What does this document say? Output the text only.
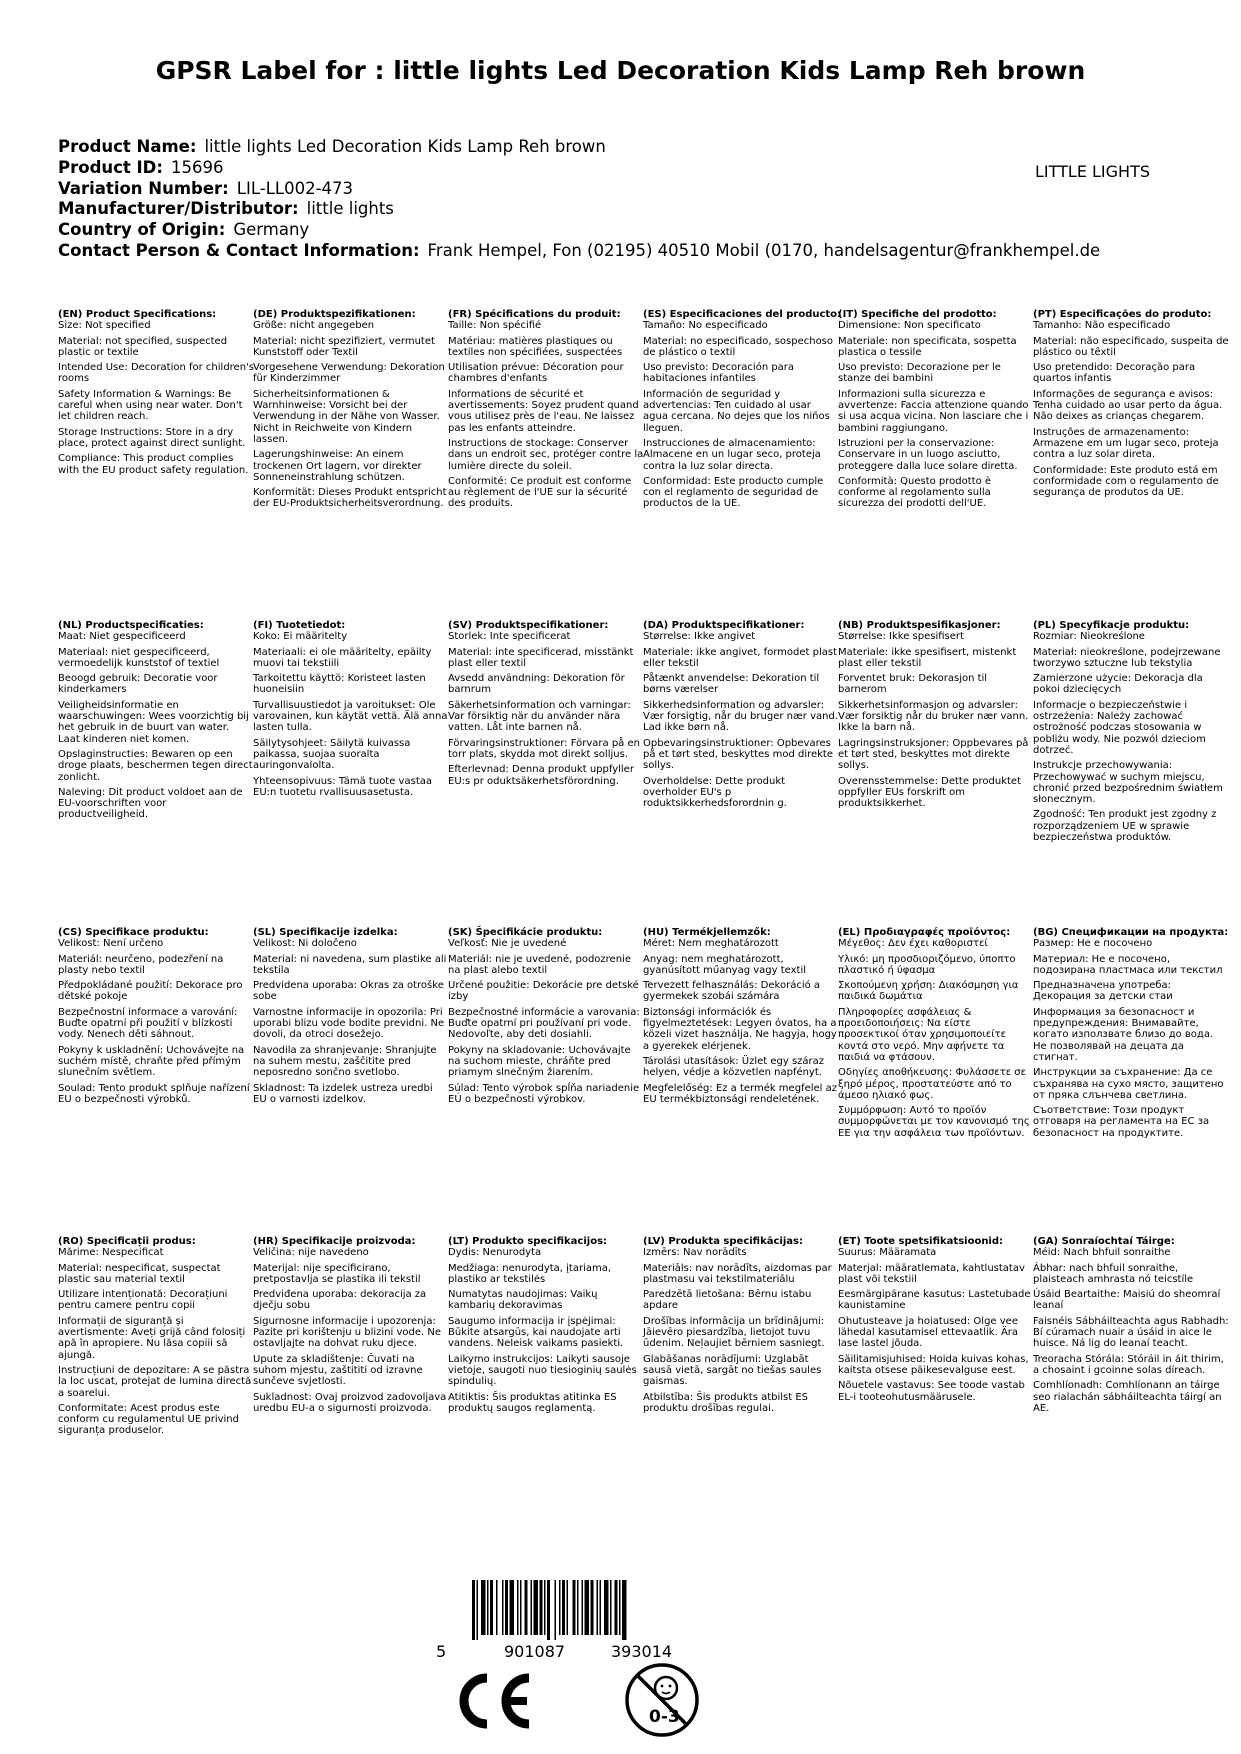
GPSR Label for : little lights Led Decoration Kids Lamp Reh brown
Product Name: little lights Led Decoration Kids Lamp Reh brown
Product ID: 15696
Variation Number: LIL-LL002-473
Manufacturer/Distributor: little lights
Country of Origin: Germany
Contact Person & Contact Information: Frank Hempel, Fon (02195) 40510 Mobil (0170, handelsagentur@frankhempel.de
LITTLE LIGHTS
(EN) Product Specifications:

Size: Not specified

Material: not specified, suspected plastic or textile

Intended Use: Decoration for children's rooms

Safety Information & Warnings: Be careful when using near water. Don't let children reach.

Storage Instructions: Store in a dry place, protect against direct sunlight.

Compliance: This product complies with the EU product safety regulation.

(DE) Produktspezifikationen:

Größe: nicht angegeben

Material: nicht spezifiziert, vermutet Kunststoff oder Textil

Vorgesehene Verwendung: Dekoration für Kinderzimmer

Sicherheitsinformationen & Warnhinweise: Vorsicht bei der Verwendung in der Nähe von Wasser. Nicht in Reichweite von Kindern lassen.

Lagerungshinweise: An einem trockenen Ort lagern, vor direkter Sonneneinstrahlung schützen.

Konformität: Dieses Produkt entspricht der EU-Produktsicherheitsverordnung.

(FR) Spécifications du produit:

Taille: Non spécifié

Matériau: matières plastiques ou textiles non spécifiées, suspectées

Utilisation prévue: Décoration pour chambres d'enfants

Informations de sécurité et avertissements: Soyez prudent quand vous utilisez près de l'eau. Ne laissez pas les enfants atteindre.

Instructions de stockage: Conserver dans un endroit sec, protéger contre la lumière directe du soleil.

Conformité: Ce produit est conforme au règlement de l'UE sur la sécurité des produits.

(ES) Especificaciones del producto:

Tamaño: No especificado

Material: no especificado, sospechoso de plástico o textil

Uso previsto: Decoración para habitaciones infantiles

Información de seguridad y advertencias: Ten cuidado al usar agua cercana. No dejes que los niños lleguen.

Instrucciones de almacenamiento: Almacene en un lugar seco, proteja contra la luz solar directa.

Conformidad: Este producto cumple con el reglamento de seguridad de productos de la UE.

(IT) Specifiche del prodotto:

Dimensione: Non specificato

Materiale: non specificata, sospetta plastica o tessile

Uso previsto: Decorazione per le stanze dei bambini

Informazioni sulla sicurezza e avvertenze: Faccia attenzione quando si usa acqua vicina. Non lasciare che i bambini raggiungano.

Istruzioni per la conservazione: Conservare in un luogo asciutto, proteggere dalla luce solare diretta.

Conformità: Questo prodotto è conforme al regolamento sulla sicurezza dei prodotti dell'UE.

(PT) Especificações do produto:

Tamanho: Não especificado

Material: não especificado, suspeita de plástico ou têxtil

Uso pretendido: Decoração para quartos infantis

Informações de segurança e avisos: Tenha cuidado ao usar perto da água. Não deixes as crianças chegarem.

Instruções de armazenamento: Armazene em um lugar seco, proteja contra a luz solar direta.

Conformidade: Este produto está em conformidade com o regulamento de segurança de produtos da UE.

(NL) Productspecificaties:

Maat: Niet gespecificeerd

Materiaal: niet gespecificeerd, vermoedelijk kunststof of textiel

Beoogd gebruik: Decoratie voor kinderkamers

Veiligheidsinformatie en waarschuwingen: Wees voorzichtig bij het gebruik in de buurt van water. Laat kinderen niet komen.

Opslaginstructies: Bewaren op een droge plaats, beschermen tegen direct zonlicht.

Naleving: Dit product voldoet aan de EU-voorschriften voor productveiligheid.

(FI) Tuotetiedot:

Koko: Ei määritelty

Materiaali: ei ole määritelty, epäilty muovi tai tekstiili

Tarkoitettu käyttö: Koristeet lasten huoneisiin

Turvallisuustiedot ja varoitukset: Ole varovainen, kun käytät vettä. Älä anna lasten tulla.

Säilytysohjeet: Säilytä kuivassa paikassa, suojaa suoralta auringonvalolta.

Yhteensopivuus: Tämä tuote vastaa EU:n tuotetu rvallisuusasetusta.

(SV) Produktspecifikationer:

Storlek: Inte specificerat

Material: inte specificerad, misstänkt plast eller textil

Avsedd användning: Dekoration för barnrum

Säkerhetsinformation och varningar: Var försiktig när du använder nära vatten. Låt inte barnen nå.

Förvaringsinstruktioner: Förvara på en torr plats, skydda mot direkt solljus.

Efterlevnad: Denna produkt uppfyller EU:s pr oduktsäkerhetsförordning.

(DA) Produktspecifikationer:

Størrelse: Ikke angivet

Materiale: ikke angivet, formodet plast eller tekstil

Påtænkt anvendelse: Dekoration til børns værelser

Sikkerhedsinformation og advarsler: Vær forsigtig, når du bruger nær vand. Lad ikke børn nå.

Opbevaringsinstruktioner: Opbevares på et tørt sted, beskyttes mod direkte sollys.

Overholdelse: Dette produkt overholder EU's p roduktsikkerhedsforordnin g.

(NB) Produktspesifikasjoner:

Størrelse: Ikke spesifisert

Materiale: ikke spesifisert, mistenkt plast eller tekstil

Forventet bruk: Dekorasjon til barnerom

Sikkerhetsinformasjon og advarsler: Vær forsiktig når du bruker nær vann. Ikke la barn nå.

Lagringsinstruksjoner: Oppbevares på et tørt sted, beskyttes mot direkte sollys.

Overensstemmelse: Dette produktet oppfyller EUs forskrift om produktsikkerhet.

(PL) Specyfikacje produktu:

Rozmiar: Nieokreślone

Materiał: nieokreślone, podejrzewane tworzywo sztuczne lub tekstylia

Zamierzone użycie: Dekoracja dla pokoi dziecięcych

Informacje o bezpieczeństwie i ostrzeżenia: Należy zachować ostrożność podczas stosowania w pobliżu wody. Nie pozwól dzieciom dotrzeć.

Instrukcje przechowywania: Przechowywać w suchym miejscu, chronić przed bezpośrednim światłem słonecznym.

Zgodność: Ten produkt jest zgodny z rozporządzeniem UE w sprawie bezpieczeństwa produktów.

(CS) Specifikace produktu:

Velikost: Není určeno

Materiál: neurčeno, podezření na plasty nebo textil

Předpokládané použití: Dekorace pro dětské pokoje

Bezpečnostní informace a varování: Buďte opatrní při použití v blízkosti vody. Nenech děti sáhnout.

Pokyny k uskladnění: Uchovávejte na suchém místě, chraňte před přímým slunečním světlem.

Soulad: Tento produkt splňuje nařízení EU o bezpečnosti výrobků.

(SL) Specifikacije izdelka:

Velikost: Ni določeno

Material: ni navedena, sum plastike ali tekstila

Predvidena uporaba: Okras za otroške sobe

Varnostne informacije in opozorila: Pri uporabi blizu vode bodite previdni. Ne dovoli, da otroci dosežejo.

Navodila za shranjevanje: Shranjujte na suhem mestu, zaščitite pred neposredno sončno svetlobo.

Skladnost: Ta izdelek ustreza uredbi EU o varnosti izdelkov.

(SK) Špecifikácie produktu:

Veľkosť: Nie je uvedené

Materiál: nie je uvedené, podozrenie na plast alebo textil

Určené použitie: Dekorácie pre detské izby

Bezpečnostné informácie a varovania: Buďte opatrní pri používaní pri vode. Nedovoľte, aby deti dosiahli.

Pokyny na skladovanie: Uchovávajte na suchom mieste, chráňte pred priamym slnečným žiarením.

Súlad: Tento výrobok spĺňa nariadenie EÚ o bezpečnosti výrobkov.

(HU) Termékjellemzők:

Méret: Nem meghatározott

Anyag: nem meghatározott, gyanúsított műanyag vagy textil

Tervezett felhasználás: Dekoráció a gyermekek szobái számára

Biztonsági információk és figyelmeztetések: Legyen óvatos, ha a közeli vizet használja. Ne hagyja, hogy a gyerekek elérjenek.

Tárolási utasítások: Üzlet egy száraz helyen, védje a közvetlen napfényt.

Megfelelőség: Ez a termék megfelel az EU termékbiztonsági rendeletének.

(EL) Προδιαγραφές προϊόντος:

Μέγεθος: Δεν έχει καθοριστεί

Υλικό: μη προσδιοριζόμενο, ύποπτο πλαστικό ή ύφασμα

Σκοπούμενη χρήση: Διακόσμηση για παιδικά δωμάτια

Πληροφορίες ασφάλειας & προειδοποιήσεις: Να είστε προσεκτικοί όταν χρησιμοποιείτε κοντά στο νερό. Μην αφήνετε τα παιδιά να φτάσουν.

Οδηγίες αποθήκευσης: Φυλάσσετε σε ξηρό μέρος, προστατεύστε από το άμεσο ηλιακό φως.

Συμμόρφωση: Αυτό το προϊόν συμμορφώνεται με τον κανονισμό της ΕΕ για την ασφάλεια των προϊόντων.

(BG) Спецификации на продукта:

Размер: Не е посочено

Материал: Не е посочено, подозирана пластмаса или текстил

Предназначена употреба: Декорация за детски стаи

Информация за безопасност и предупреждения: Внимавайте, когато използвате близо до вода. Не позволявай на децата да стигнат.

Инструкции за съхранение: Да се съхранява на сухо място, защитено от пряка слънчева светлина.

Съответствие: Този продукт отговаря на регламента на ЕС за безопасност на продуктите.

(RO) Specificații produs:

Mărime: Nespecificat

Material: nespecificat, suspectat plastic sau material textil

Utilizare intenționată: Decorațiuni pentru camere pentru copii

Informații de siguranță și avertismente: Aveți grijă când folosiți apă în apropiere. Nu lăsa copiii să ajungă.

Instrucțiuni de depozitare: A se păstra la loc uscat, protejat de lumina directă a soarelui.

Conformitate: Acest produs este conform cu regulamentul UE privind siguranța produselor.

(HR) Specifikacije proizvoda:

Veličina: nije navedeno

Materijal: nije specificirano, pretpostavlja se plastika ili tekstil

Predviđena uporaba: dekoracija za dječju sobu

Sigurnosne informacije i upozorenja: Pazite pri korištenju u blizini vode. Ne ostavljajte na dohvat ruku djece.

Upute za skladištenje: Čuvati na suhom mjestu, zaštititi od izravne sunčeve svjetlosti.

Sukladnost: Ovaj proizvod zadovoljava uredbu EU-a o sigurnosti proizvoda.

(LT) Produkto specifikacijos:

Dydis: Nenurodyta

Medžiaga: nenurodyta, įtariama, plastiko ar tekstilės

Numatytas naudojimas: Vaikų kambarių dekoravimas

Saugumo informacija ir įspėjimai: Būkite atsargūs, kai naudojate arti vandens. Neleisk vaikams pasiekti.

Laikymo instrukcijos: Laikyti sausoje vietoje, saugoti nuo tiesioginių saulės spindulių.

Atitiktis: Šis produktas atitinka ES produktų saugos reglamentą.

(LV) Produkta specifikācijas:

Izmērs: Nav norādīts

Materiāls: nav norādīts, aizdomas par plastmasu vai tekstilmateriālu

Paredzētā lietošana: Bērnu istabu apdare

Drošības informācija un brīdinājumi: Jāievēro piesardzība, lietojot tuvu ūdenim. Neļaujiet bērniem sasniegt.

Glabāšanas norādījumi: Uzglabāt sausā vietā, sargāt no tiešas saules gaismas.

Atbilstība: Šis produkts atbilst ES produktu drošības regulai.

(ET) Toote spetsifikatsioonid:

Suurus: Määramata

Materjal: määratlemata, kahtlustatav plast või tekstiil

Eesmärgipärane kasutus: Lastetubade kaunistamine

Ohutusteave ja hoiatused: Olge vee lähedal kasutamisel ettevaatlik. Ära lase lastel jõuda.

Säilitamisjuhised: Hoida kuivas kohas, kaitsta otsese päikesevalguse eest.

Nõuetele vastavus: See toode vastab EL-i tooteohutusmäärusele.

(GA) Sonraíochtaí Táirge:

Méid: Nach bhfuil sonraithe

Ábhar: nach bhfuil sonraithe, plaisteach amhrasta nó teicstíle

Úsáid Beartaithe: Maisiú do sheomraí leanaí

Faisnéis Sábháilteachta agus Rabhadh: Bí cúramach nuair a úsáid in aice le huisce. Ná lig do leanaí teacht.

Treoracha Stórála: Stóráil in áit thirim, a chosaint i gcoinne solas díreach.

Comhlíonadh: Comhlíonann an táirge seo rialachán sábháilteachta táirgí an AE.

5	901087	393014
0-3
